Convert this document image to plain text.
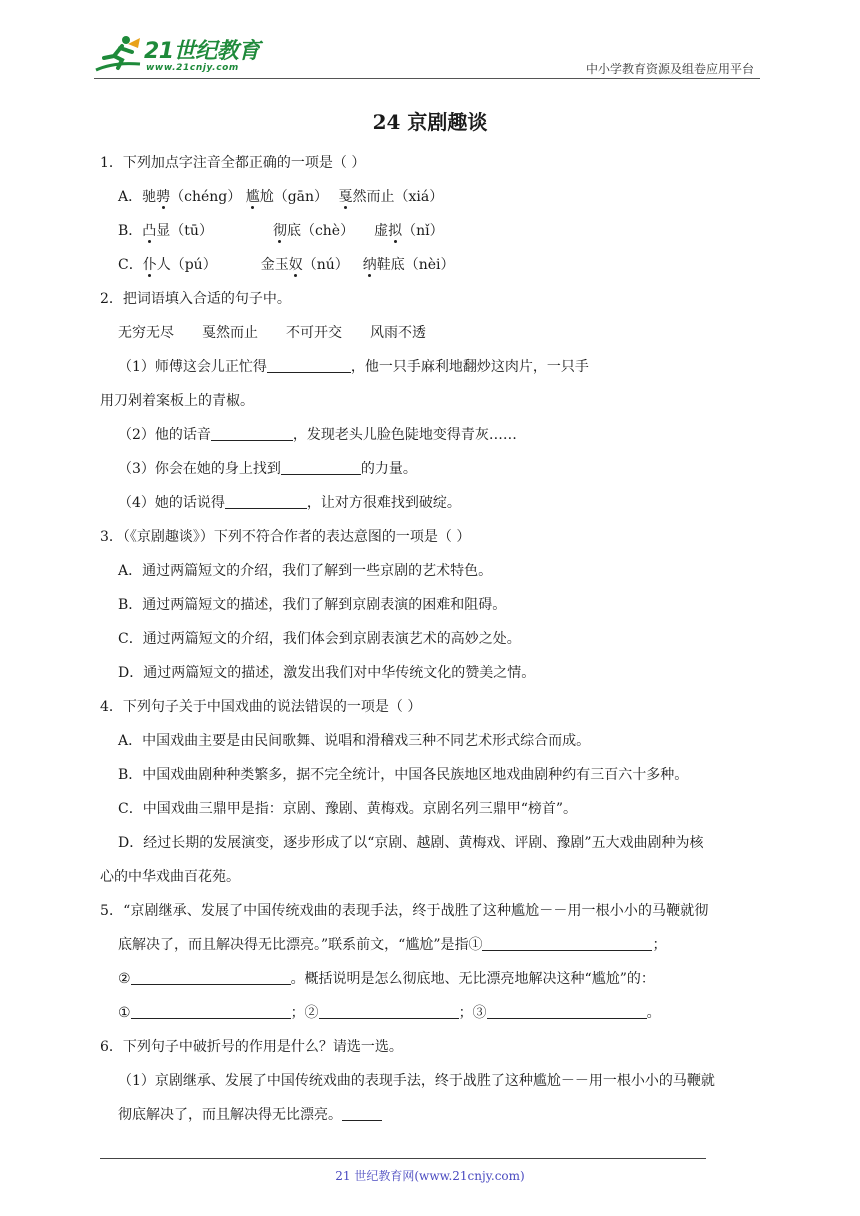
21世纪教育
www.21cnjy.com	中小学教育资源及组卷应用平台
24 京剧趣谈
1．下列加点字注音全都正确的一项是（ ）
A．驰骋（chéng） 尴尬（gān） 戛然而止（xiá）
B．凸显（tū）	彻底（chè） 虚拟（nǐ）
C．仆人（pú）	金玉奴（nú） 纳鞋底（nèi）
2．把词语填入合适的句子中。
无穷无尽 戛然而止 不可开交 风雨不透
（1）师傅这会儿正忙得	，他一只手麻利地翻炒这肉片，一只手
用刀剁着案板上的青椒。
（2）他的话音	，发现老头儿脸色陡地变得青灰……
（3）你会在她的身上找到	的力量。
（4）她的话说得	，让对方很难找到破绽。
3．（《京剧趣谈》）下列不符合作者的表达意图的一项是（ ）
A．通过两篇短文的介绍，我们了解到一些京剧的艺术特色。
B．通过两篇短文的描述，我们了解到京剧表演的困难和阻碍。
C．通过两篇短文的介绍，我们体会到京剧表演艺术的高妙之处。
D．通过两篇短文的描述，激发出我们对中华传统文化的赞美之情。
4．下列句子关于中国戏曲的说法错误的一项是（ ）
A．中国戏曲主要是由民间歌舞、说唱和滑稽戏三种不同艺术形式综合而成。
B．中国戏曲剧种种类繁多，据不完全统计，中国各民族地区地戏曲剧种约有三百六十多种。
C．中国戏曲三鼎甲是指：京剧、豫剧、黄梅戏。京剧名列三鼎甲“榜首”。
D．经过长期的发展演变，逐步形成了以“京剧、越剧、黄梅戏、评剧、豫剧”五大戏曲剧种为核
心的中华戏曲百花苑。
5．“京剧继承、发展了中国传统戏曲的表现手法，终于战胜了这种尴尬－－用一根小小的马鞭就彻
底解决了，而且解决得无比漂亮。”联系前文，“尴尬”是指①	；
②	。概括说明是怎么彻底地、无比漂亮地解决这种“尴尬”的：
①	；②	；③	。
6．下列句子中破折号的作用是什么？请选一选。
（1）京剧继承、发展了中国传统戏曲的表现手法，终于战胜了这种尴尬－－用一根小小的马鞭就
彻底解决了，而且解决得无比漂亮。
21 世纪教育网(www.21cnjy.com)
